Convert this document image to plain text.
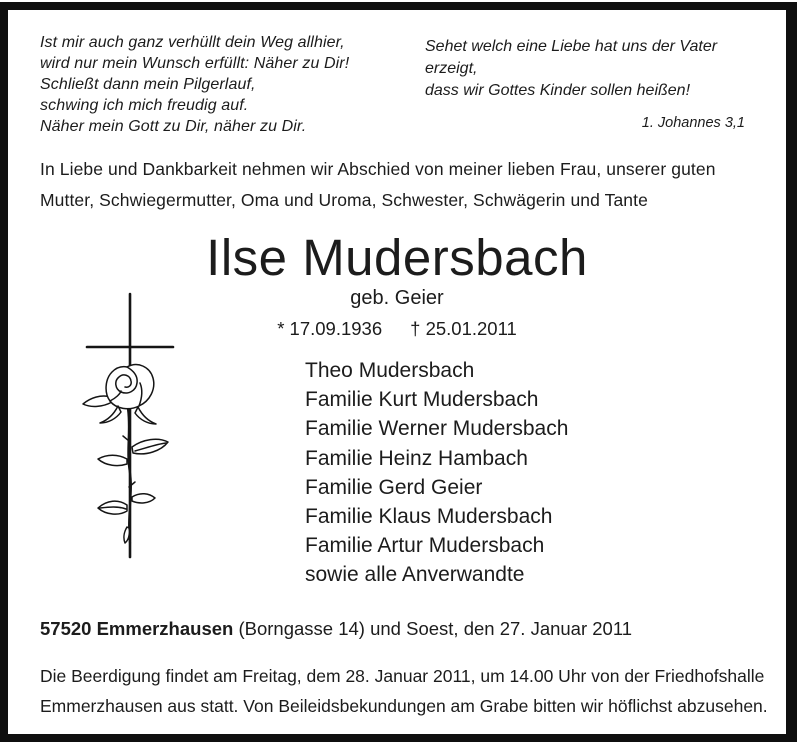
Ist mir auch ganz verhüllt dein Weg allhier,
wird nur mein Wunsch erfüllt: Näher zu Dir!
Schließt dann mein Pilgerlauf,
schwing ich mich freudig auf.
Näher mein Gott zu Dir, näher zu Dir.
Sehet welch eine Liebe hat uns der Vater erzeigt,
dass wir Gottes Kinder sollen heißen!
1. Johannes 3,1
In Liebe und Dankbarkeit nehmen wir Abschied von meiner lieben Frau, unserer guten
Mutter, Schwiegermutter, Oma und Uroma, Schwester, Schwägerin und Tante
Ilse Mudersbach
geb. Geier
* 17.09.1936 † 25.01.2011
Theo Mudersbach
Familie Kurt Mudersbach
Familie Werner Mudersbach
Familie Heinz Hambach
Familie Gerd Geier
Familie Klaus Mudersbach
Familie Artur Mudersbach
sowie alle Anverwandte
57520 Emmerzhausen (Borngasse 14) und Soest, den 27. Januar 2011
Die Beerdigung findet am Freitag, dem 28. Januar 2011, um 14.00 Uhr von der Friedhofshalle
Emmerzhausen aus statt. Von Beileidsbekundungen am Grabe bitten wir höflichst abzusehen.
